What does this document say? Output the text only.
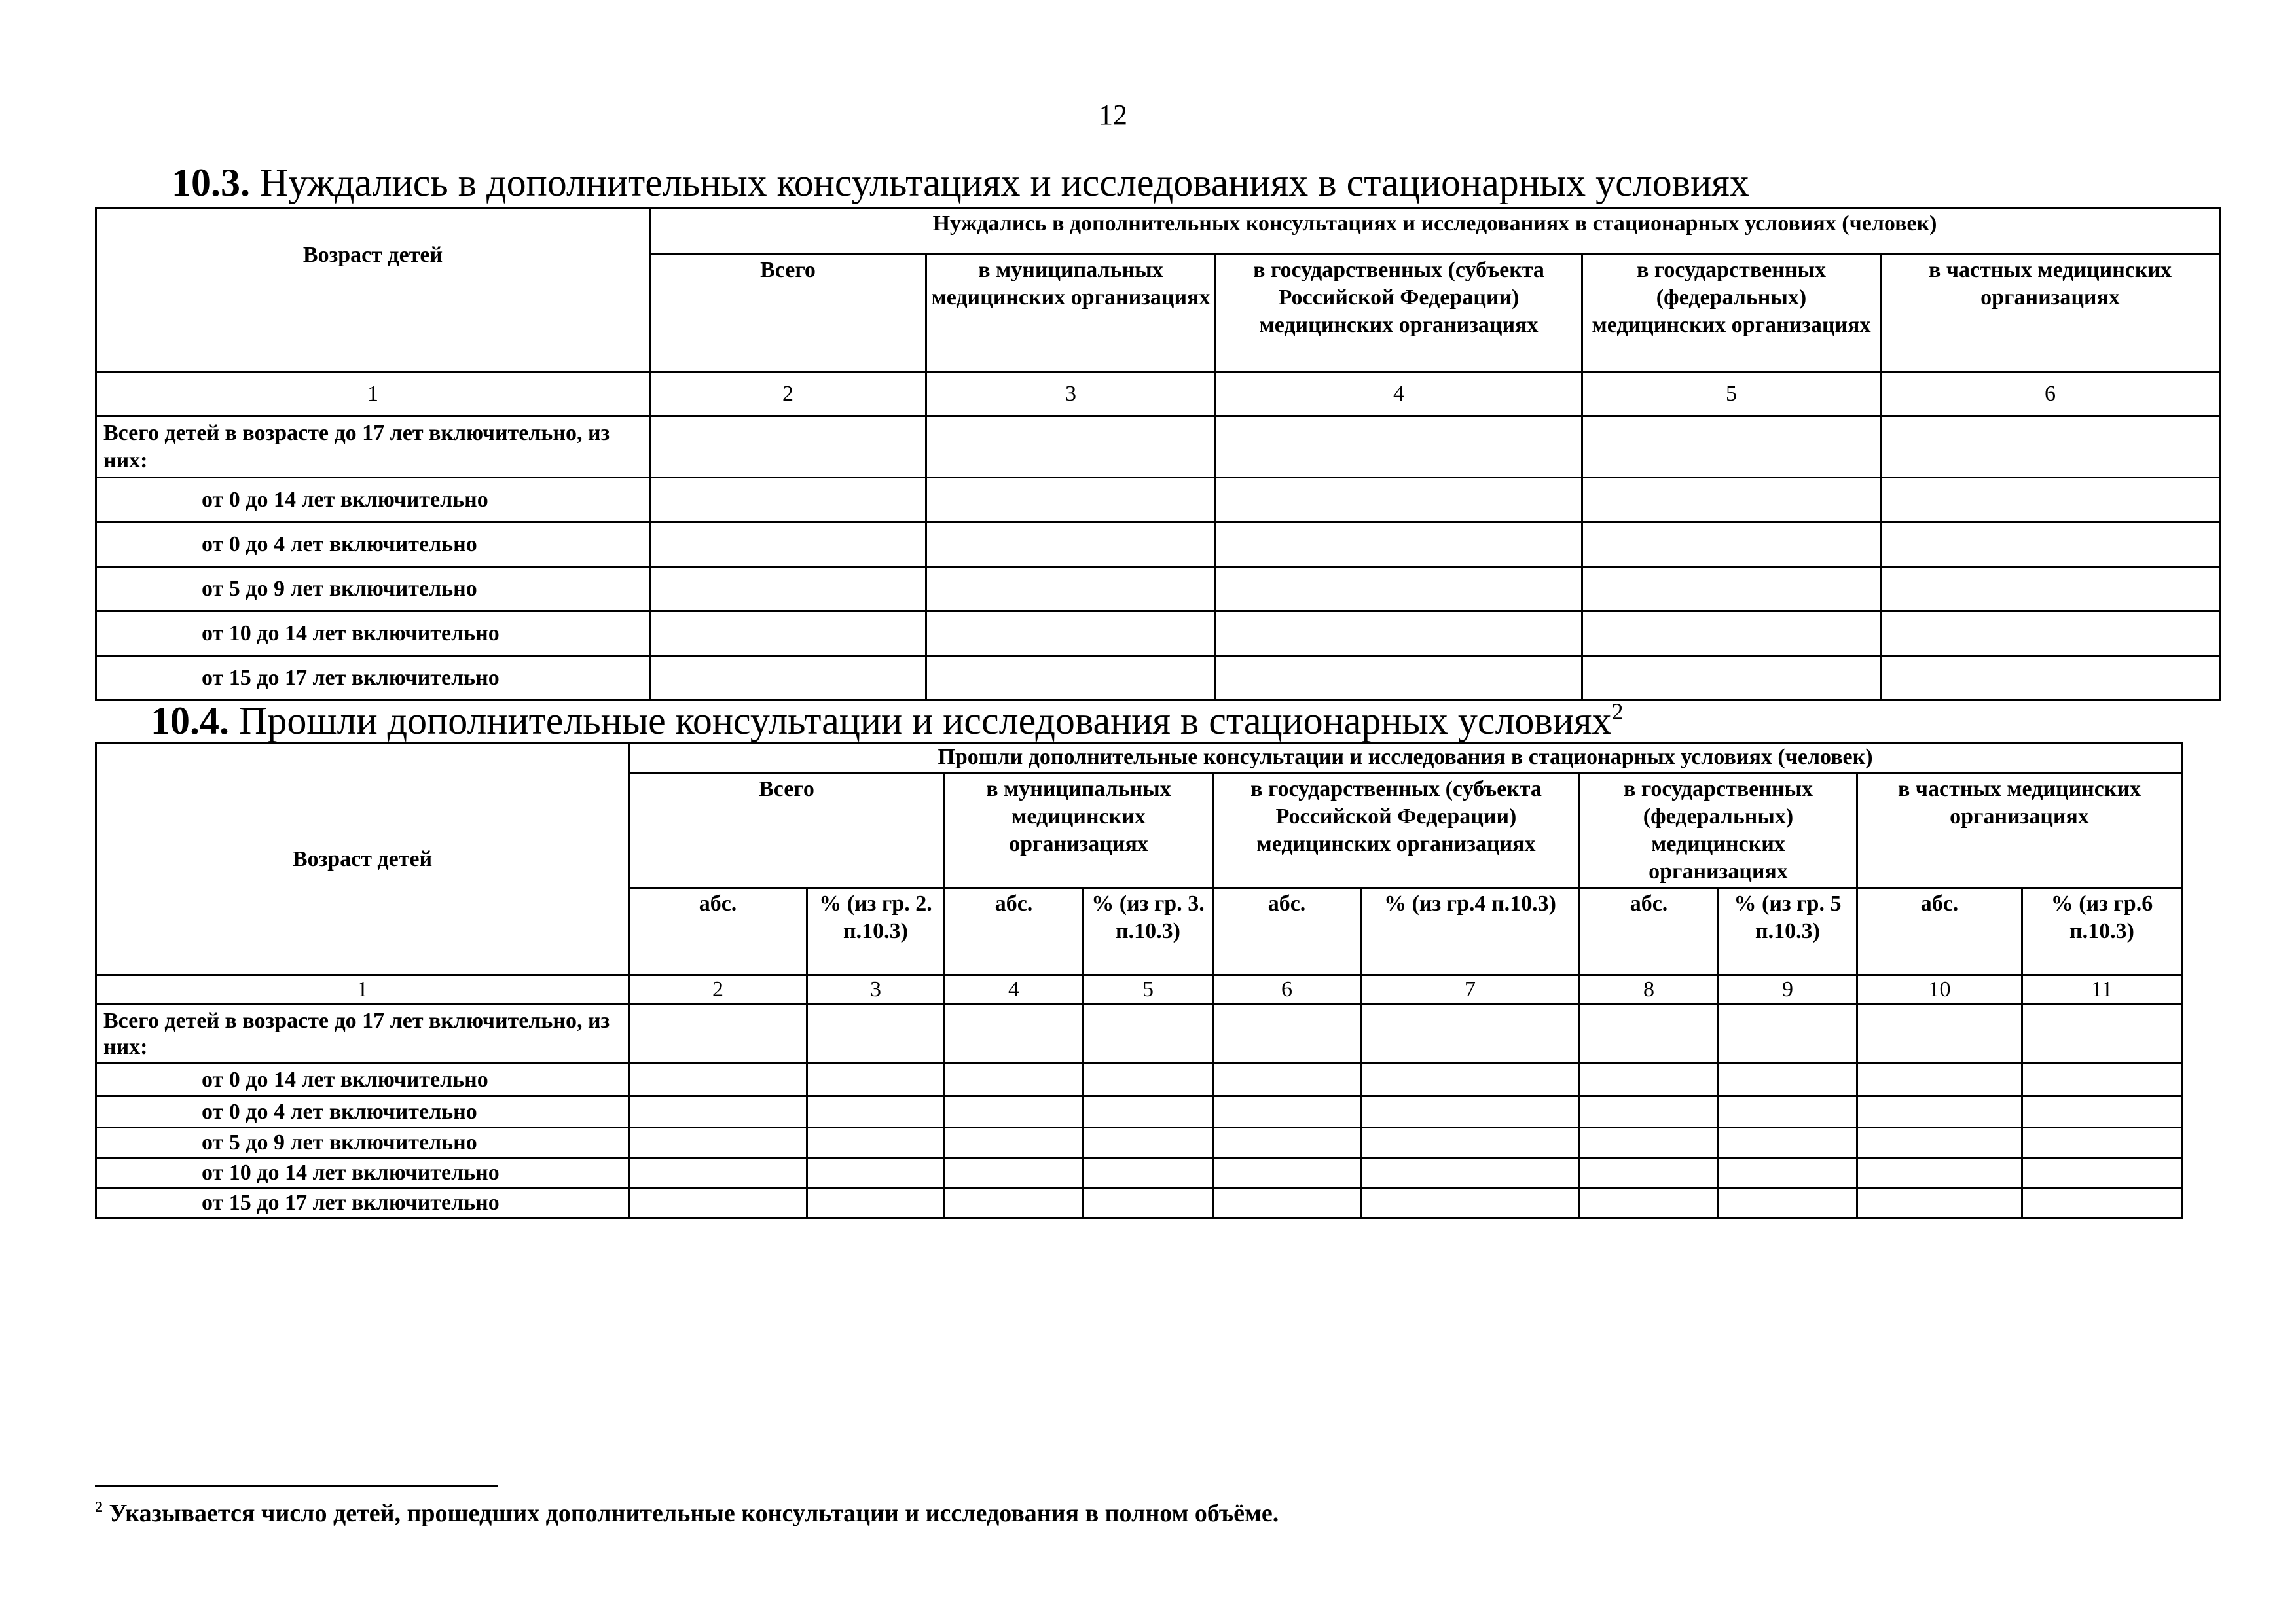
12
10.3. Нуждались в дополнительных консультациях и исследованиях в стационарных условиях
Возраст детей	Нуждались в дополнительных консультациях и исследованиях в стационарных условиях (человек)				
	Всего	в муниципальных медицинских организациях	в государственных (субъекта Российской Федерации) медицинских организациях	в государственных (федеральных) медицинских организациях	в частных медицинских организациях
1	2	3	4	5	6
Всего детей в возрасте до 17 лет включительно, из них:					
от 0 до 14 лет включительно					
от 0 до 4 лет включительно					
от 5 до 9 лет включительно					
от 10 до 14 лет включительно					
от 15 до 17 лет включительно					
10.4. Прошли дополнительные консультации и исследования в стационарных условиях$^2$
Возраст детей	Прошли дополнительные консультации и исследования в стационарных условиях (человек)									
	Всего		в муниципальных медицинских организациях		в государственных (субъекта Российской Федерации) медицинских организациях		в государственных (федеральных) медицинских организациях		в частных медицинских организациях	
	абс.	% (из гр. 2. п.10.3)	абс.	% (из гр. 3. п.10.3)	абс.	% (из гр.4 п.10.3)	абс.	% (из гр. 5 п.10.3)	абс.	% (из гр.6 п.10.3)
1	2	3	4	5	6	7	8	9	10	11
Всего детей в возрасте до 17 лет включительно, из них:										
от 0 до 14 лет включительно										
от 0 до 4 лет включительно										
от 5 до 9 лет включительно										
от 10 до 14 лет включительно										
от 15 до 17 лет включительно										
$^2$ Указывается число детей, прошедших дополнительные консультации и исследования в полном объёме.
